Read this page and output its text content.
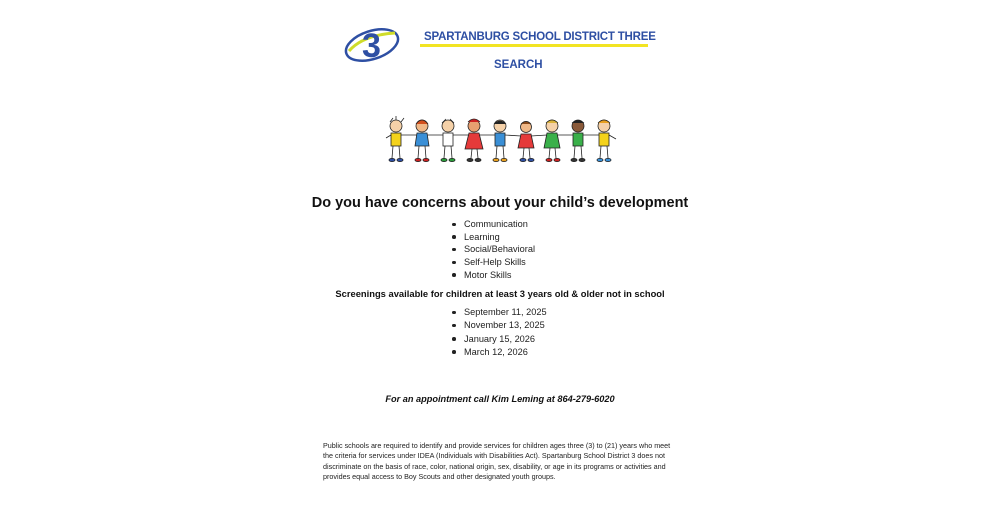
3	SPARTANBURG SCHOOL DISTRICT THREE
SEARCH
Do you have concerns about your child’s development
Communication
Learning
Social/Behavioral
Self-Help Skills
Motor Skills
Screenings available for children at least 3 years old & older not in school
September 11, 2025
November 13, 2025
January 15, 2026
March 12, 2026
For an appointment call Kim Leming at 864-279-6020

Public schools are required to identify and provide services for children ages three (3) to (21) years who meet the criteria for services under IDEA (Individuals with Disabilities Act). Spartanburg School District 3 does not discriminate on the basis of race, color, national origin, sex, disability, or age in its programs or activities and provides equal access to Boy Scouts and other designated youth groups.
